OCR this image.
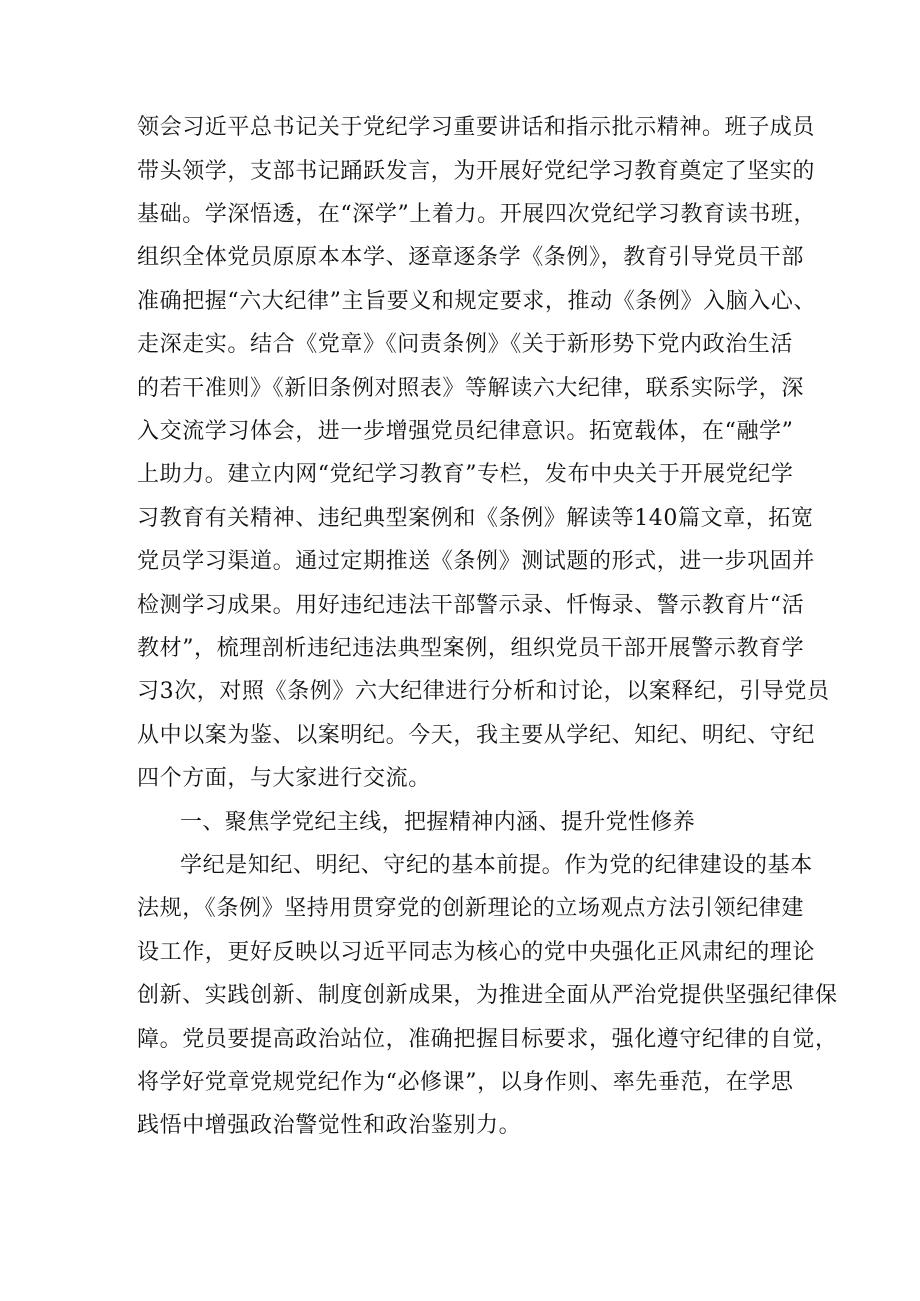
领会习近平总书记关于党纪学习重要讲话和指示批示精神。班子成员
带头领学，支部书记踊跃发言，为开展好党纪学习教育奠定了坚实的
基础。学深悟透，在“深学”上着力。开展四次党纪学习教育读书班，
组织全体党员原原本本学、逐章逐条学《条例》，教育引导党员干部
准确把握“六大纪律”主旨要义和规定要求，推动《条例》入脑入心、
走深走实。结合《党章》《问责条例》《关于新形势下党内政治生活
的若干准则》《新旧条例对照表》等解读六大纪律，联系实际学，深
入交流学习体会，进一步增强党员纪律意识。拓宽载体，在“融学”
上助力。建立内网“党纪学习教育”专栏，发布中央关于开展党纪学
习教育有关精神、违纪典型案例和《条例》解读等140篇文章，拓宽
党员学习渠道。通过定期推送《条例》测试题的形式，进一步巩固并
检测学习成果。用好违纪违法干部警示录、忏悔录、警示教育片“活
教材”，梳理剖析违纪违法典型案例，组织党员干部开展警示教育学
习3次，对照《条例》六大纪律进行分析和讨论，以案释纪，引导党员
从中以案为鉴、以案明纪。今天，我主要从学纪、知纪、明纪、守纪
四个方面，与大家进行交流。
一、聚焦学党纪主线，把握精神内涵、提升党性修养
学纪是知纪、明纪、守纪的基本前提。作为党的纪律建设的基本
法规，《条例》坚持用贯穿党的创新理论的立场观点方法引领纪律建
设工作，更好反映以习近平同志为核心的党中央强化正风肃纪的理论
创新、实践创新、制度创新成果，为推进全面从严治党提供坚强纪律保
障。党员要提高政治站位，准确把握目标要求，强化遵守纪律的自觉，
将学好党章党规党纪作为“必修课”，以身作则、率先垂范，在学思
践悟中增强政治警觉性和政治鉴别力。
